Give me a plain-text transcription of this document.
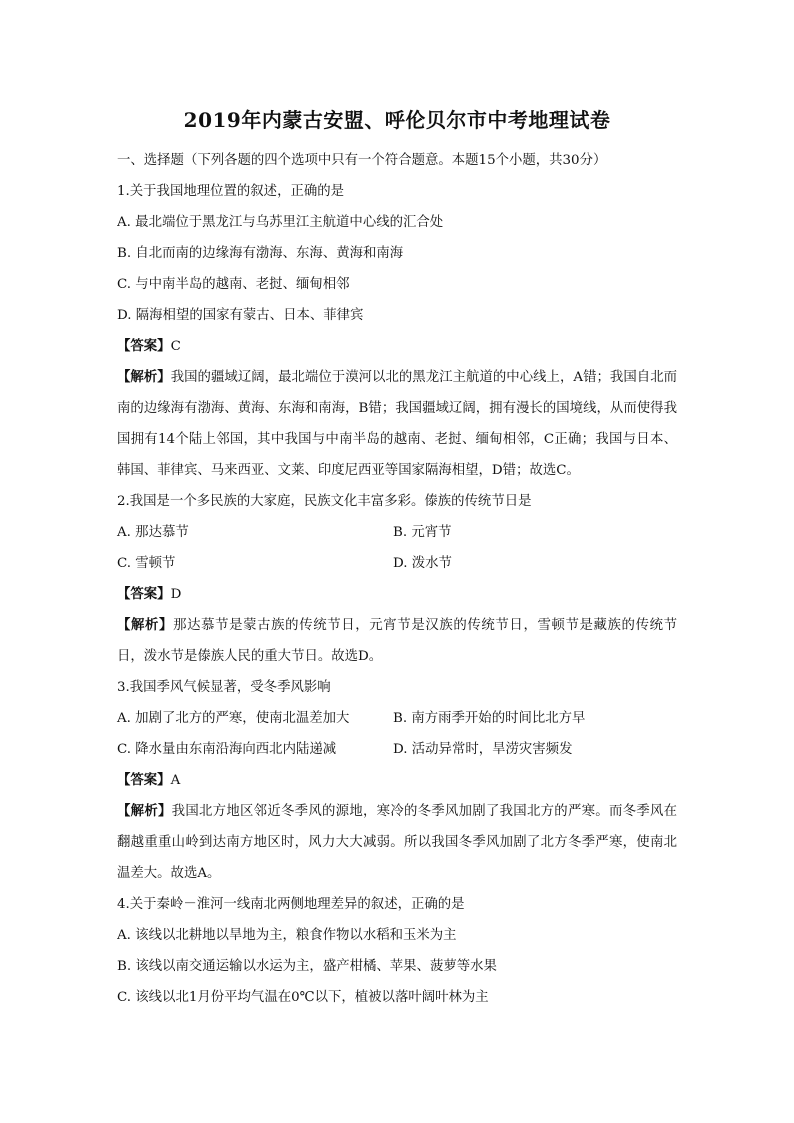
2019年内蒙古安盟、呼伦贝尔市中考地理试卷
一、选择题（下列各题的四个选项中只有一个符合题意。本题15个小题，共30分）
1.关于我国地理位置的叙述，正确的是
A. 最北端位于黑龙江与乌苏里江主航道中心线的汇合处
B. 自北而南的边缘海有渤海、东海、黄海和南海
C. 与中南半岛的越南、老挝、缅甸相邻
D. 隔海相望的国家有蒙古、日本、菲律宾
【答案】C
【解析】我国的疆域辽阔，最北端位于漠河以北的黑龙江主航道的中心线上，A错；我国自北而南的边缘海有渤海、黄海、东海和南海，B错；我国疆域辽阔，拥有漫长的国境线，从而使得我国拥有14个陆上邻国，其中我国与中南半岛的越南、老挝、缅甸相邻，C正确；我国与日本、韩国、菲律宾、马来西亚、文莱、印度尼西亚等国家隔海相望，D错；故选C。
2.我国是一个多民族的大家庭，民族文化丰富多彩。傣族的传统节日是
A. 那达慕节	B. 元宵节
C. 雪顿节	D. 泼水节
【答案】D
【解析】那达慕节是蒙古族的传统节日，元宵节是汉族的传统节日，雪顿节是藏族的传统节日，泼水节是傣族人民的重大节日。故选D。
3.我国季风气候显著，受冬季风影响
A. 加剧了北方的严寒，使南北温差加大	B. 南方雨季开始的时间比北方早
C. 降水量由东南沿海向西北内陆递减	D. 活动异常时，旱涝灾害频发
【答案】A
【解析】我国北方地区邻近冬季风的源地，寒冷的冬季风加剧了我国北方的严寒。而冬季风在翻越重重山岭到达南方地区时，风力大大减弱。所以我国冬季风加剧了北方冬季严寒，使南北温差大。故选A。
4.关于秦岭－淮河一线南北两侧地理差异的叙述，正确的是
A. 该线以北耕地以旱地为主，粮食作物以水稻和玉米为主
B. 该线以南交通运输以水运为主，盛产柑橘、苹果、菠萝等水果
C. 该线以北1月份平均气温在0℃以下，植被以落叶阔叶林为主
